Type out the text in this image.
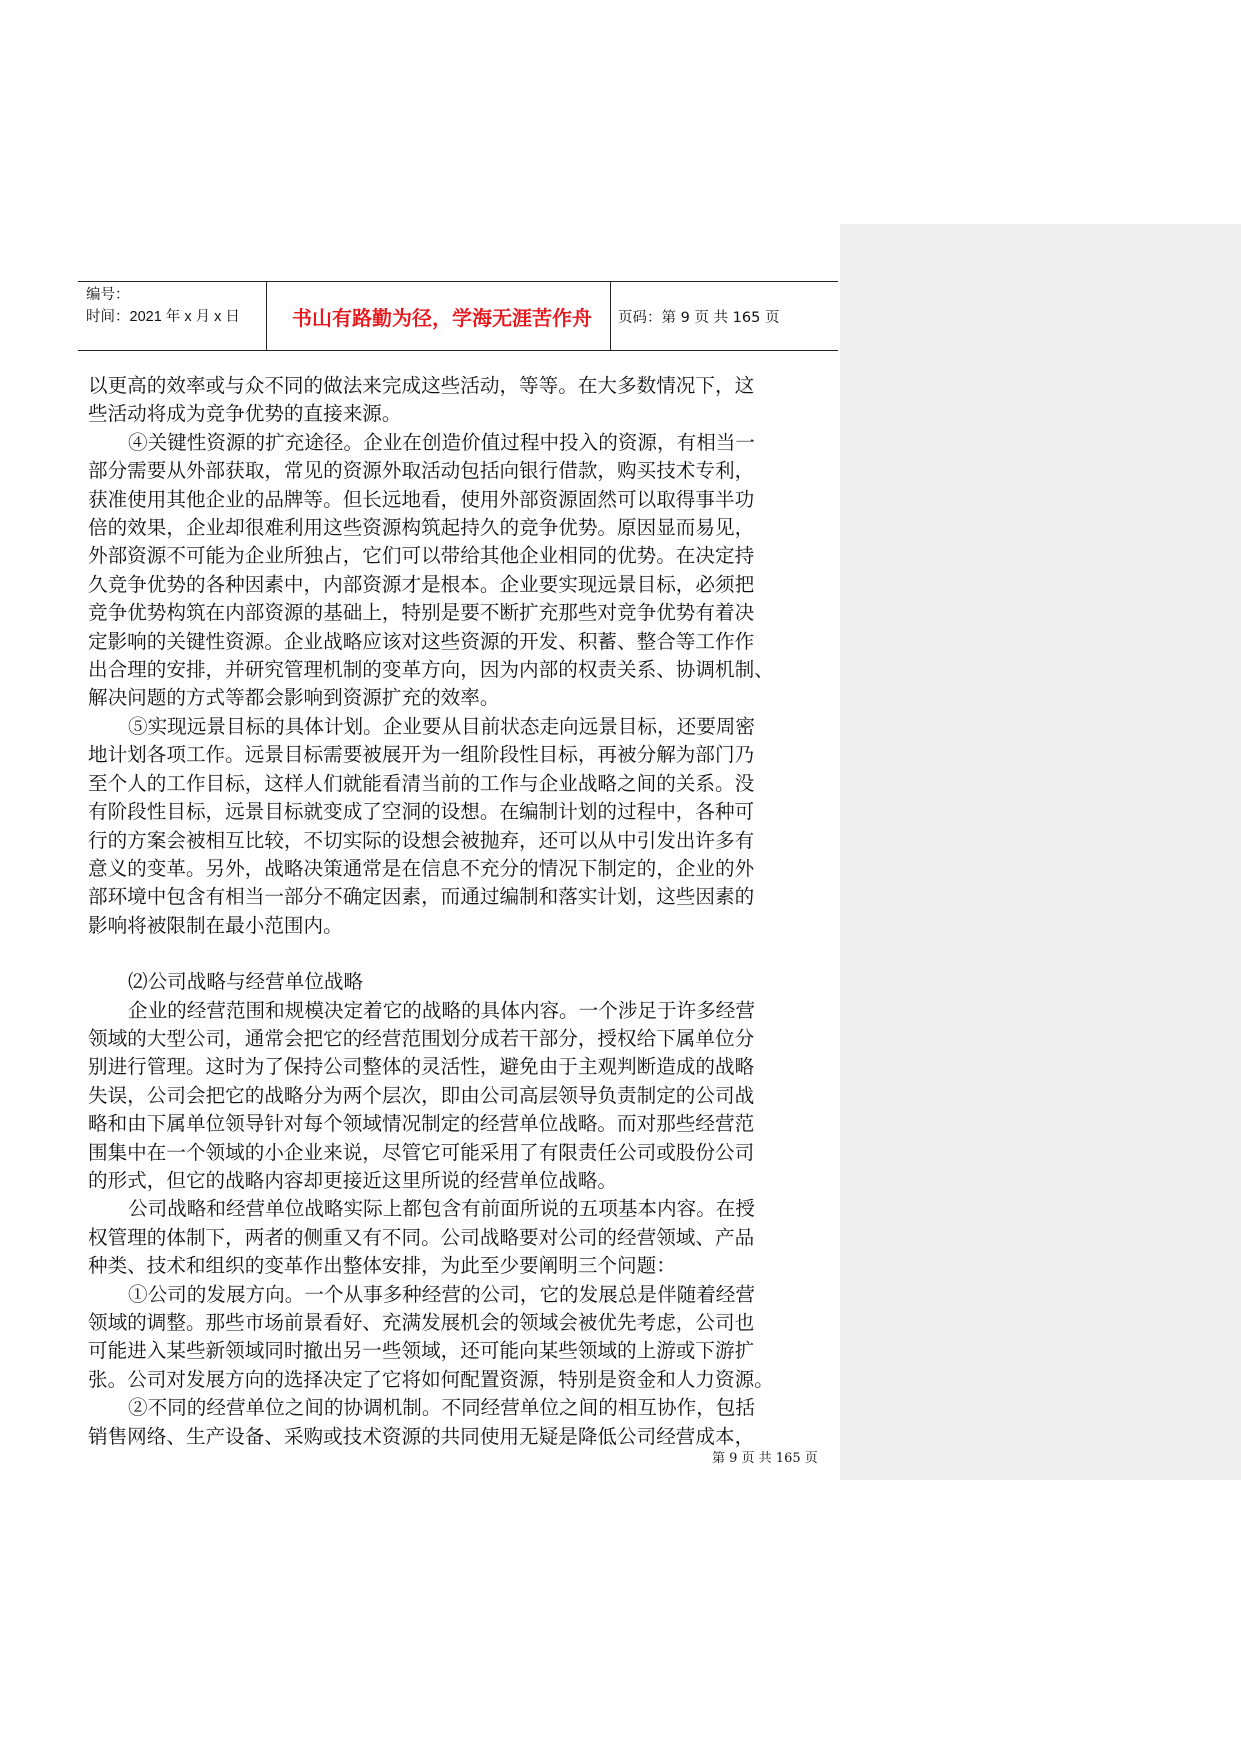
编号：
时间：2021 年 x 月 x 日	书山有路勤为径，学海无涯苦作舟	页码：第 9 页 共 165 页

以更高的效率或与众不同的做法来完成这些活动，等等。在大多数情况下，这

些活动将成为竞争优势的直接来源。

④关键性资源的扩充途径。企业在创造价值过程中投入的资源，有相当一

部分需要从外部获取，常见的资源外取活动包括向银行借款，购买技术专利，

获准使用其他企业的品牌等。但长远地看，使用外部资源固然可以取得事半功

倍的效果，企业却很难利用这些资源构筑起持久的竞争优势。原因显而易见，

外部资源不可能为企业所独占，它们可以带给其他企业相同的优势。在决定持

久竞争优势的各种因素中，内部资源才是根本。企业要实现远景目标，必须把

竞争优势构筑在内部资源的基础上，特别是要不断扩充那些对竞争优势有着决

定影响的关键性资源。企业战略应该对这些资源的开发、积蓄、整合等工作作

出合理的安排，并研究管理机制的变革方向，因为内部的权责关系、协调机制、

解决问题的方式等都会影响到资源扩充的效率。

⑤实现远景目标的具体计划。企业要从目前状态走向远景目标，还要周密

地计划各项工作。远景目标需要被展开为一组阶段性目标，再被分解为部门乃

至个人的工作目标，这样人们就能看清当前的工作与企业战略之间的关系。没

有阶段性目标，远景目标就变成了空洞的设想。在编制计划的过程中，各种可

行的方案会被相互比较，不切实际的设想会被抛弃，还可以从中引发出许多有

意义的变革。另外，战略决策通常是在信息不充分的情况下制定的，企业的外

部环境中包含有相当一部分不确定因素，而通过编制和落实计划，这些因素的

影响将被限制在最小范围内。

⑵公司战略与经营单位战略

企业的经营范围和规模决定着它的战略的具体内容。一个涉足于许多经营

领域的大型公司，通常会把它的经营范围划分成若干部分，授权给下属单位分

别进行管理。这时为了保持公司整体的灵活性，避免由于主观判断造成的战略

失误，公司会把它的战略分为两个层次，即由公司高层领导负责制定的公司战

略和由下属单位领导针对每个领域情况制定的经营单位战略。而对那些经营范

围集中在一个领域的小企业来说，尽管它可能采用了有限责任公司或股份公司

的形式，但它的战略内容却更接近这里所说的经营单位战略。

公司战略和经营单位战略实际上都包含有前面所说的五项基本内容。在授

权管理的体制下，两者的侧重又有不同。公司战略要对公司的经营领域、产品

种类、技术和组织的变革作出整体安排，为此至少要阐明三个问题：

①公司的发展方向。一个从事多种经营的公司，它的发展总是伴随着经营

领域的调整。那些市场前景看好、充满发展机会的领域会被优先考虑，公司也

可能进入某些新领域同时撤出另一些领域，还可能向某些领域的上游或下游扩

张。公司对发展方向的选择决定了它将如何配置资源，特别是资金和人力资源。

②不同的经营单位之间的协调机制。不同经营单位之间的相互协作，包括

销售网络、生产设备、采购或技术资源的共同使用无疑是降低公司经营成本，

第 9 页 共 165 页
